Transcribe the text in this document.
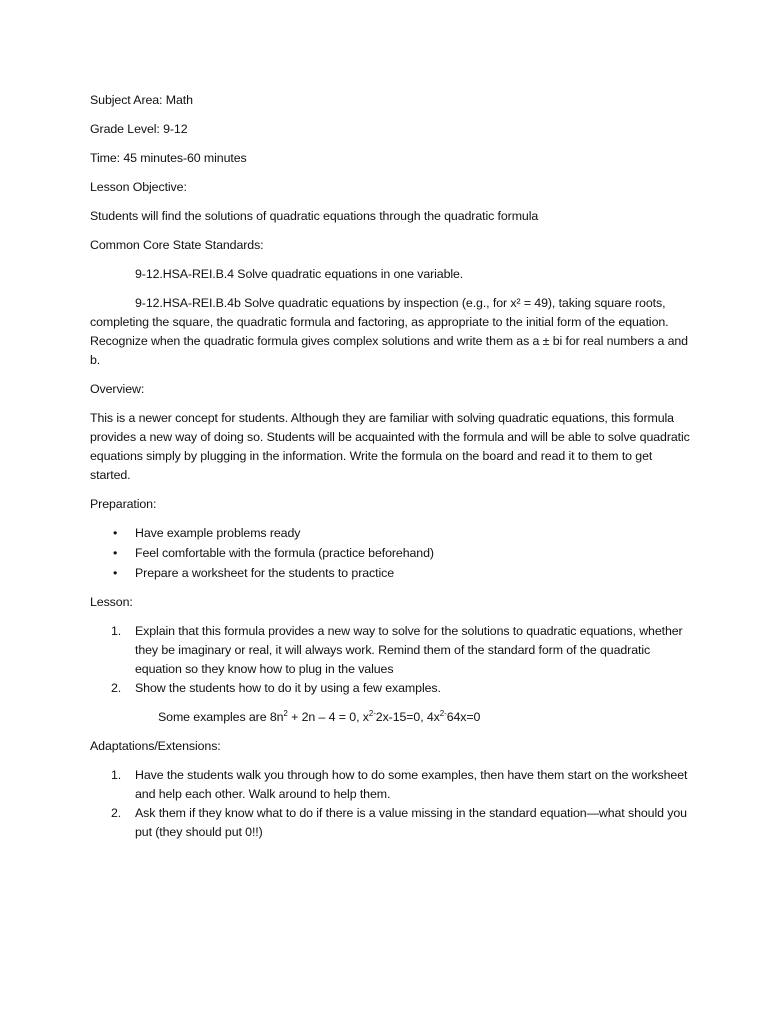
Subject Area: Math

Grade Level: 9-12

Time: 45 minutes-60 minutes

Lesson Objective:

Students will find the solutions of quadratic equations through the quadratic formula

Common Core State Standards:

9-12.HSA-REI.B.4 Solve quadratic equations in one variable.

9-12.HSA-REI.B.4b Solve quadratic equations by inspection (e.g., for x² = 49), taking square roots, completing the square, the quadratic formula and factoring, as appropriate to the initial form of the equation. Recognize when the quadratic formula gives complex solutions and write them as a ± bi for real numbers a and b.

Overview:

This is a newer concept for students. Although they are familiar with solving quadratic equations, this formula provides a new way of doing so. Students will be acquainted with the formula and will be able to solve quadratic equations simply by plugging in the information. Write the formula on the board and read it to them to get started.

Preparation:

• Have example problems ready
• Feel comfortable with the formula (practice beforehand)
• Prepare a worksheet for the students to practice

Lesson:

1. Explain that this formula provides a new way to solve for the solutions to quadratic equations, whether they be imaginary or real, it will always work. Remind them of the standard form of the quadratic equation so they know how to plug in the values
2. Show the students how to do it by using a few examples.

Some examples are $8n^2 + 2n - 4 = 0$, $x^{2-}2x-15=0$, $4x^{2-}64x=0$

Adaptations/Extensions:

1. Have the students walk you through how to do some examples, then have them start on the worksheet and help each other. Walk around to help them.
2. Ask them if they know what to do if there is a value missing in the standard equation—what should you put (they should put 0!!)
